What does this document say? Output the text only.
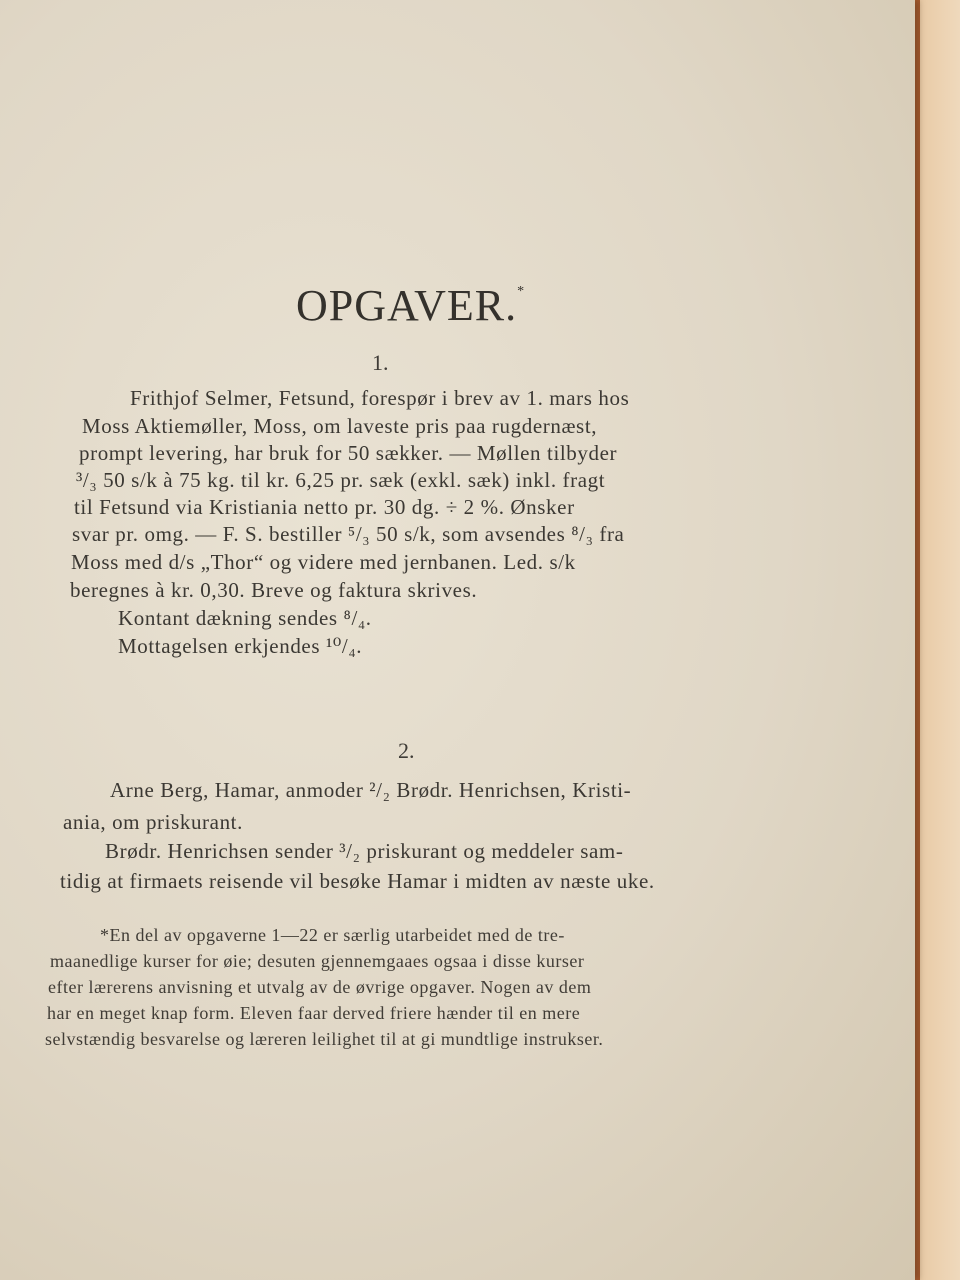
OPGAVER.*
1.
Frithjof Selmer, Fetsund, forespør i brev av 1. mars hos
Moss Aktiemøller, Moss, om laveste pris paa rugdernæst,
prompt levering, har bruk for 50 sækker. — Møllen tilbyder
³/₃ 50 s/k à 75 kg. til kr. 6,25 pr. sæk (exkl. sæk) inkl. fragt
til Fetsund via Kristiania netto pr. 30 dg. ÷ 2 %. Ønsker
svar pr. omg. — F. S. bestiller ⁵/₃ 50 s/k, som avsendes ⁸/₃ fra
Moss med d/s „Thor“ og videre med jernbanen. Led. s/k
beregnes à kr. 0,30. Breve og faktura skrives.
Kontant dækning sendes ⁸/₄.
Mottagelsen erkjendes ¹⁰/₄.
2.
Arne Berg, Hamar, anmoder ²/₂ Brødr. Henrichsen, Kristi-
ania, om priskurant.
Brødr. Henrichsen sender ³/₂ priskurant og meddeler sam-
tidig at firmaets reisende vil besøke Hamar i midten av næste uke.
*En del av opgaverne 1—22 er særlig utarbeidet med de tre-
maanedlige kurser for øie; desuten gjennemgaaes ogsaa i disse kurser
efter lærerens anvisning et utvalg av de øvrige opgaver. Nogen av dem
har en meget knap form. Eleven faar derved friere hænder til en mere
selvstændig besvarelse og læreren leilighet til at gi mundtlige instrukser.
